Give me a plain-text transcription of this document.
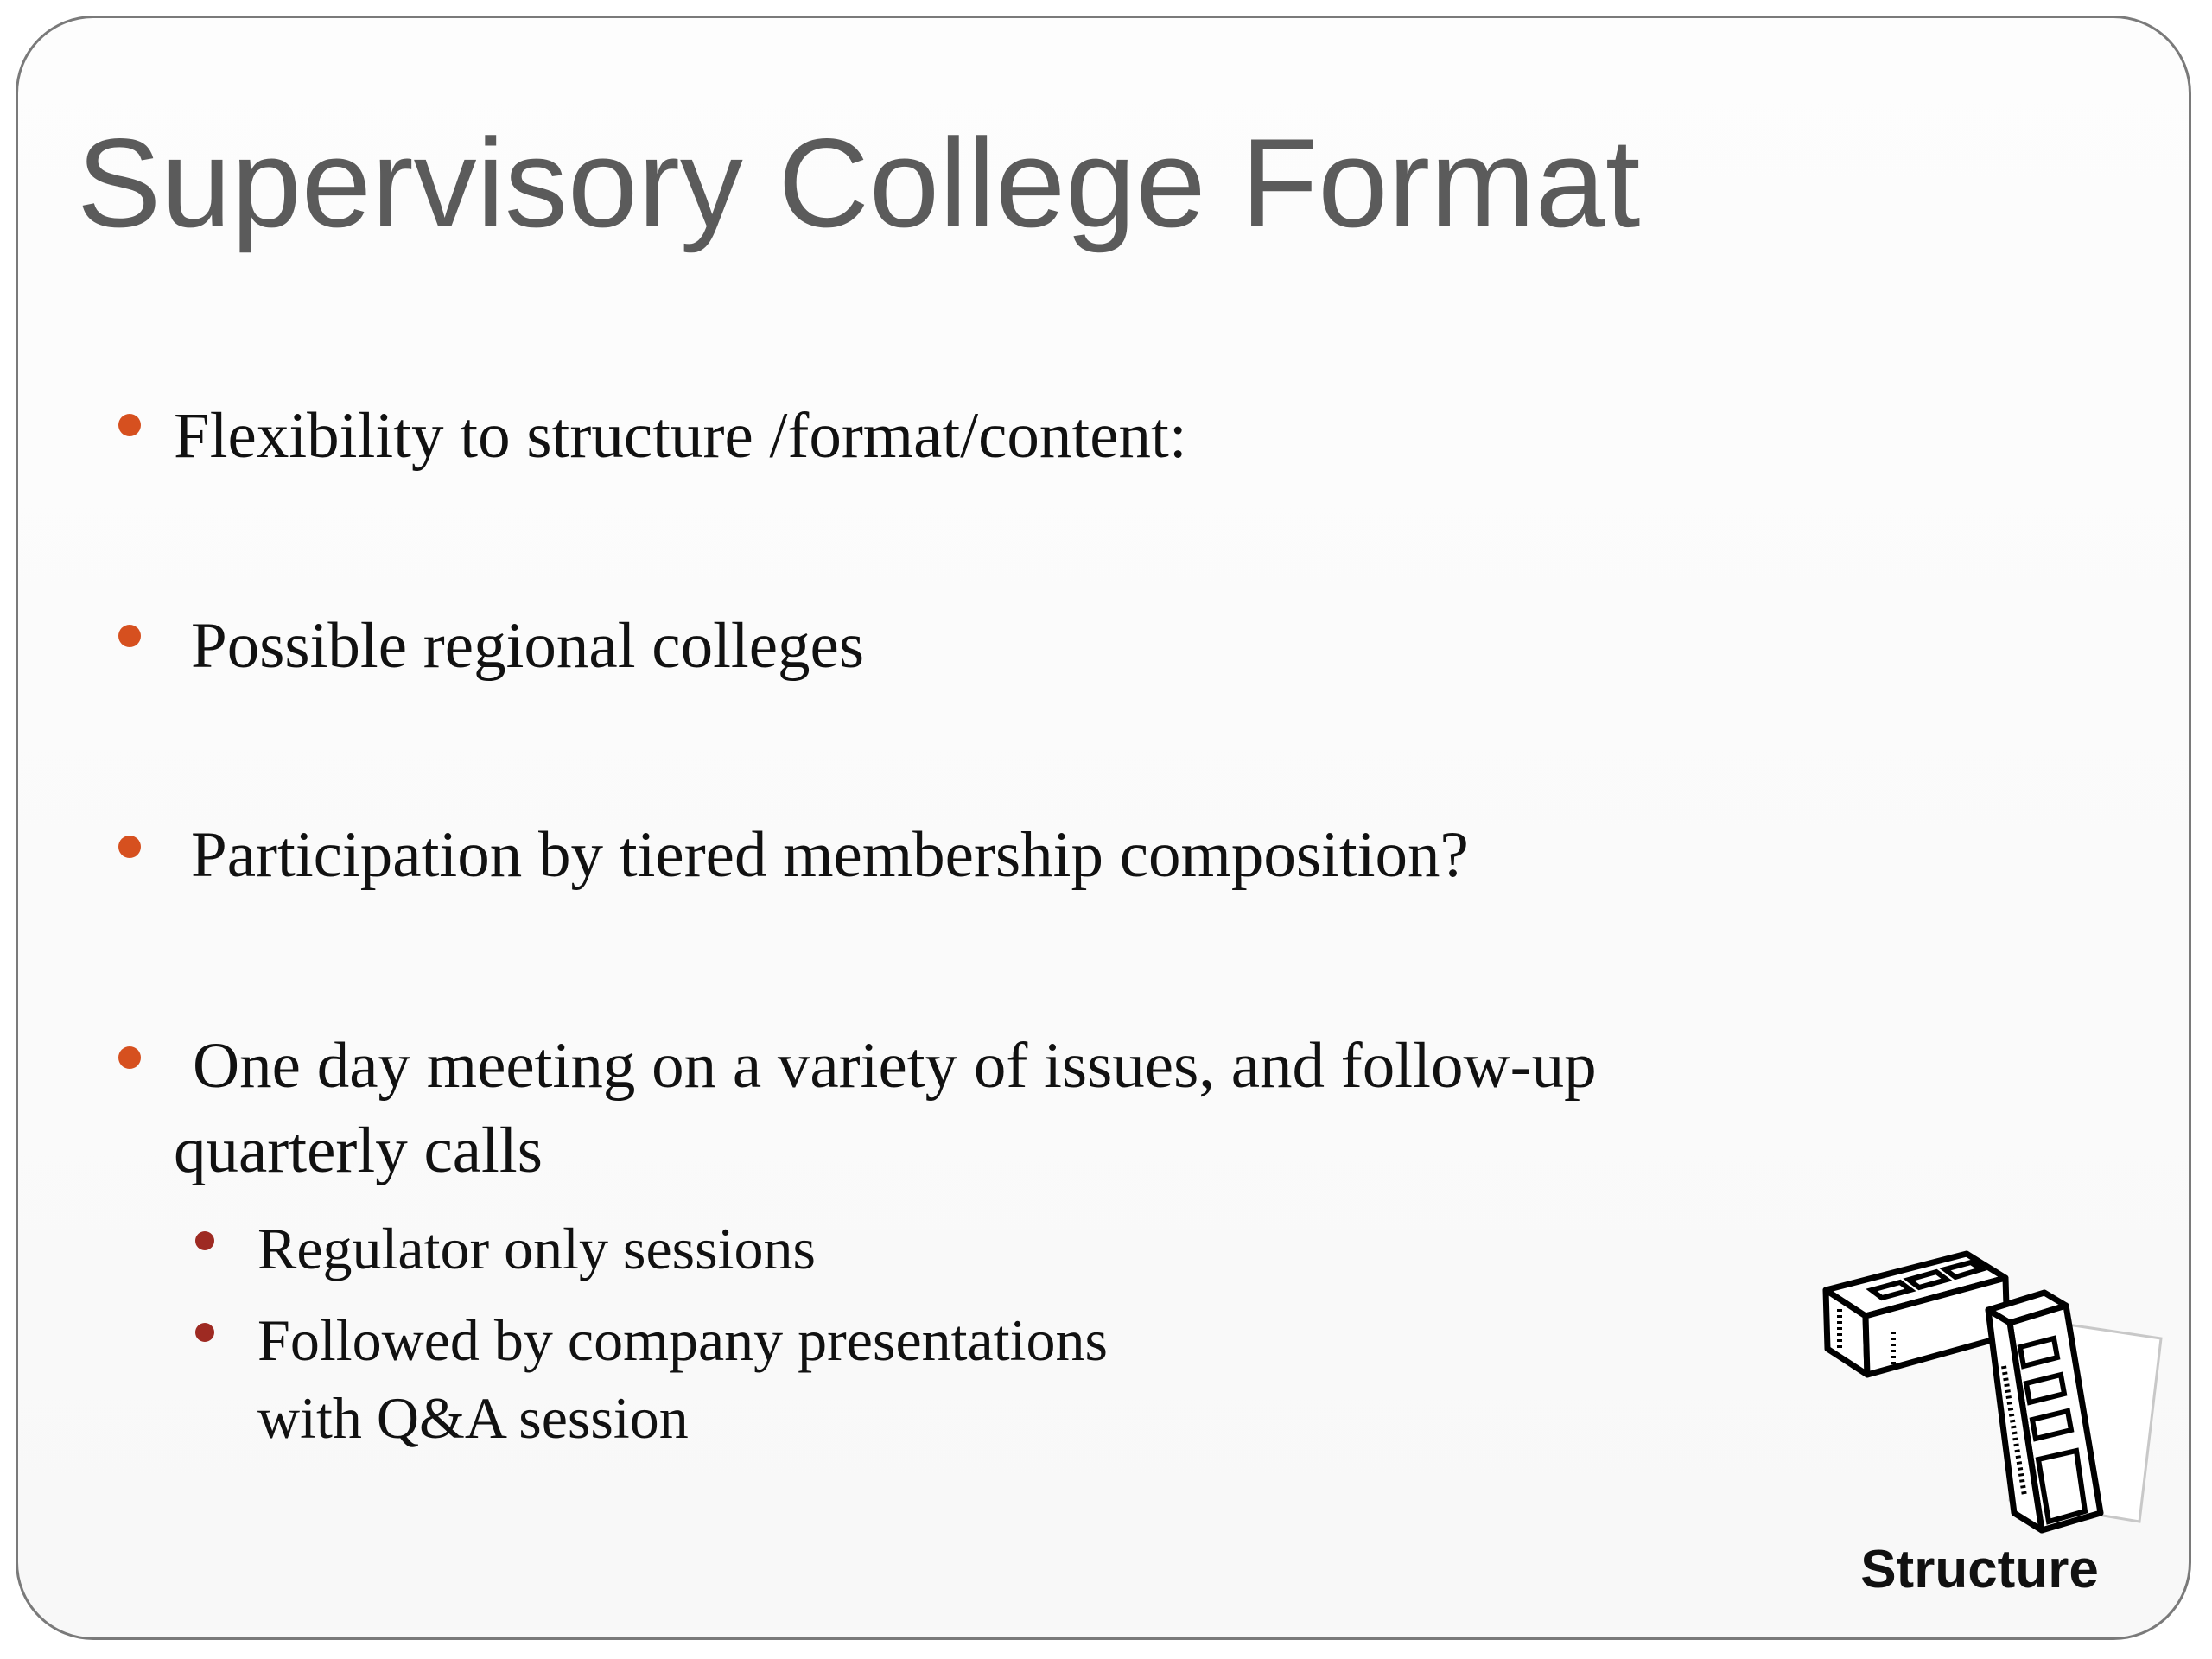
Supervisory College Format
Flexibility to structure /format/content:
Possible regional colleges
Participation by tiered membership composition?
One day meeting on a variety of issues, and follow-up
quarterly calls
Regulator only sessions
Followed by company presentations
with Q&A session
Structure
